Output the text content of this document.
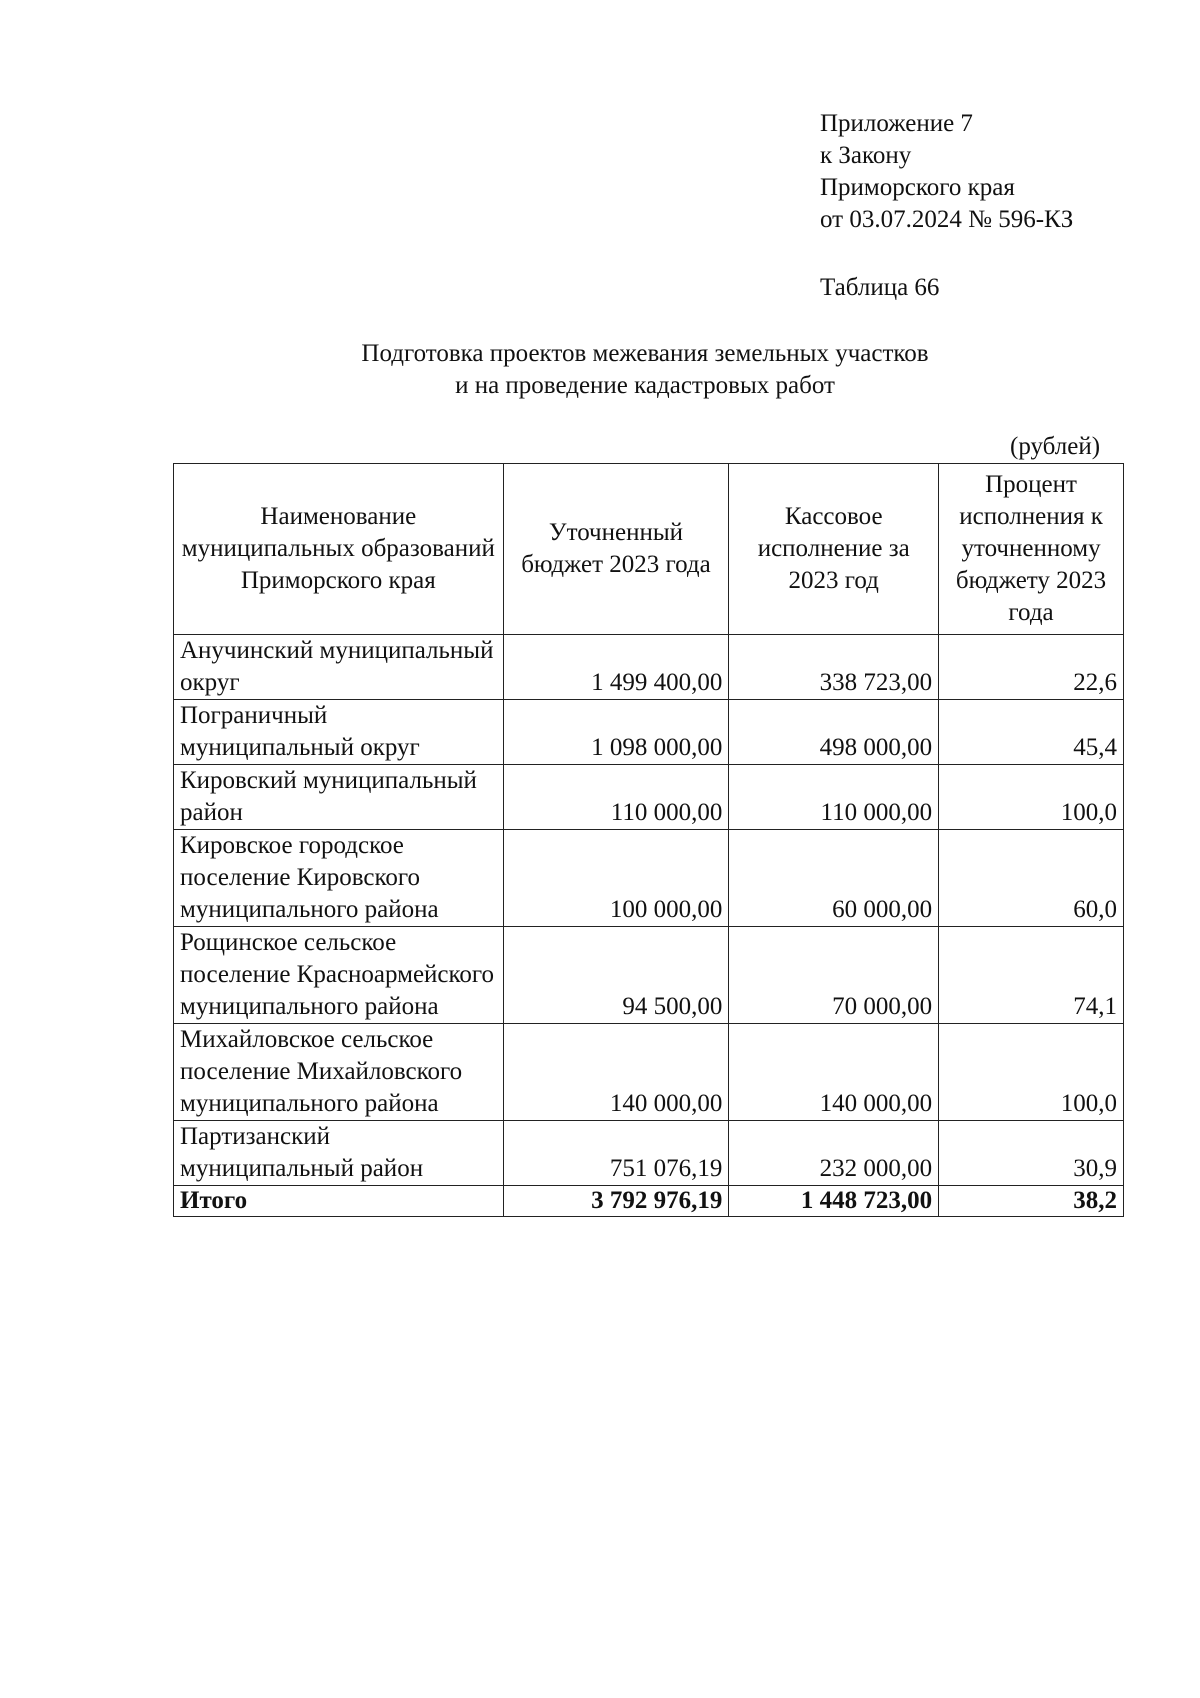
Приложение 7
к Закону
Приморского края
от 03.07.2024 № 596-КЗ
Таблица 66
Подготовка проектов межевания земельных участков
и на проведение кадастровых работ
(рублей)
Наименование муниципальных образований Приморского края	Уточненный бюджет 2023 года	Кассовое исполнение за 2023 год	Процент исполнения к уточненному бюджету 2023 года
Анучинский муниципальный округ	1 499 400,00	338 723,00	22,6
Пограничный муниципальный округ	1 098 000,00	498 000,00	45,4
Кировский муниципальный район	110 000,00	110 000,00	100,0
Кировское городское поселение Кировского муниципального района	100 000,00	60 000,00	60,0
Рощинское сельское поселение Красноармейского муниципального района	94 500,00	70 000,00	74,1
Михайловское сельское поселение Михайловского муниципального района	140 000,00	140 000,00	100,0
Партизанский муниципальный район	751 076,19	232 000,00	30,9
Итого	3 792 976,19	1 448 723,00	38,2
